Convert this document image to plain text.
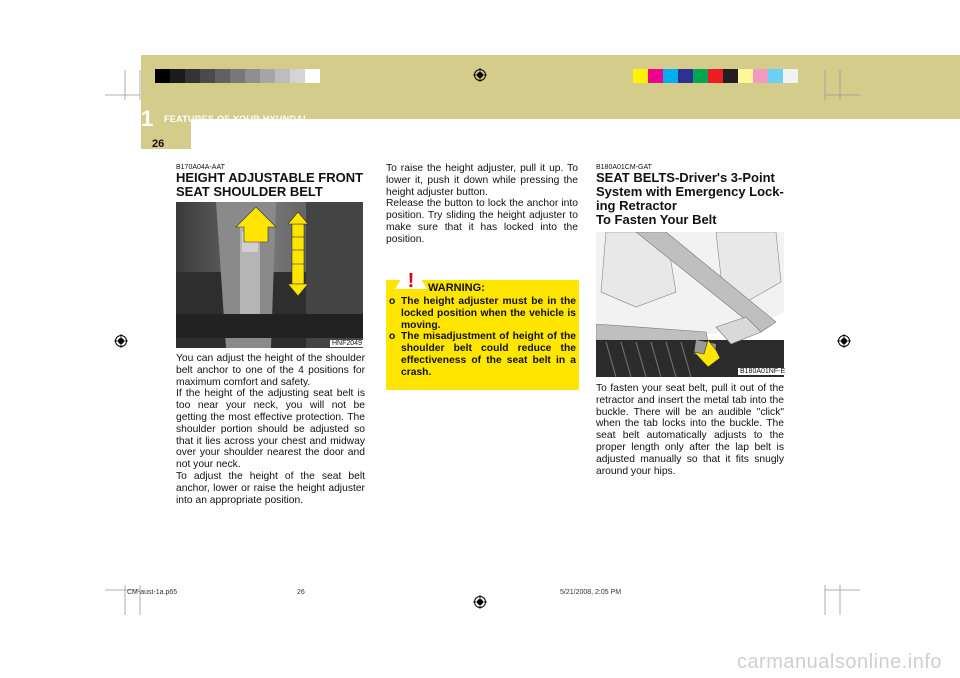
1 FEATURES OF YOUR HYUNDAI
26
B170A04A-AAT
HEIGHT ADJUSTABLE FRONT SEAT SHOULDER BELT
HNF2049

You can adjust the height of the shoulder belt anchor to one of the 4 positions for maximum comfort and safety.

If the height of the adjusting seat belt is too near your neck, you will not be getting the most effective protection. The shoulder portion should be adjusted so that it lies across your chest and midway over your shoulder nearest the door and not your neck.

To adjust the height of the seat belt anchor, lower or raise the height adjuster into an appropriate position.

To raise the height adjuster, pull it up. To lower it, push it down while pressing the height adjuster button.

Release the button to lock the anchor into position. Try sliding the height adjuster to make sure that it has locked into the position.

! WARNING:
o The height adjuster must be in the locked position when the vehicle is moving.
o The misadjustment of height of the shoulder belt could reduce the effectiveness of the seat belt in a crash.
B180A01CM-GAT
SEAT BELTS-Driver's 3-Point
System with Emergency Lock-
ing Retractor
To Fasten Your Belt
B180A01NF-E

To fasten your seat belt, pull it out of the retractor and insert the metal tab into the buckle. There will be an audible "click" when the tab locks into the buckle. The seat belt automatically adjusts to the proper length only after the lap belt is adjusted manually so that it fits snugly around your hips.

CM-aust-1a.p65	26	5/21/2008, 2:05 PM
carmanualsonline.info
